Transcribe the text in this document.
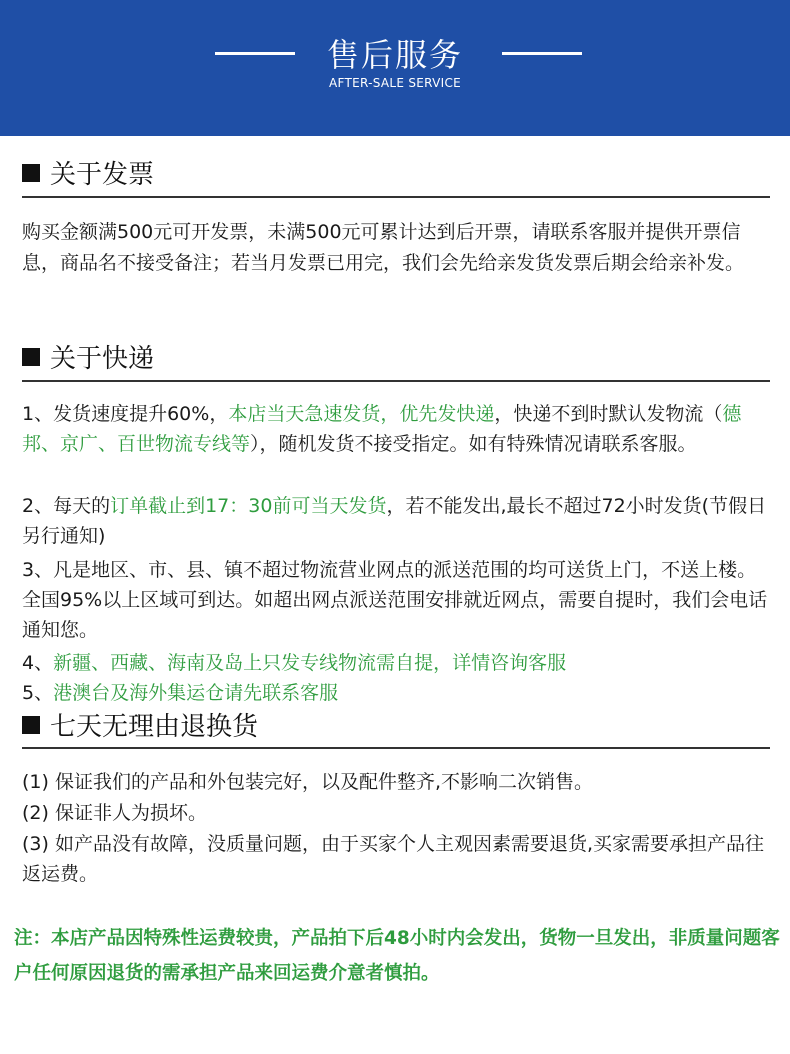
售后服务
AFTER-SALE SERVICE
关于发票
购买金额满500元可开发票，未满500元可累计达到后开票，请联系客服并提供开票信息，商品名不接受备注；若当月发票已用完，我们会先给亲发货发票后期会给亲补发。
关于快递
1、发货速度提升60%，本店当天急速发货，优先发快递，快递不到时默认发物流（德邦、京广、百世物流专线等），随机发货不接受指定。如有特殊情况请联系客服。
2、每天的订单截止到17：30前可当天发货，若不能发出,最长不超过72小时发货(节假日另行通知)
3、凡是地区、市、县、镇不超过物流营业网点的派送范围的均可送货上门，不送上楼。全国95%以上区域可到达。如超出网点派送范围安排就近网点，需要自提时，我们会电话通知您。
4、新疆、西藏、海南及岛上只发专线物流需自提，详情咨询客服
5、港澳台及海外集运仓请先联系客服
七天无理由退换货
(1) 保证我们的产品和外包装完好，以及配件整齐,不影响二次销售。
(2) 保证非人为损坏。
(3) 如产品没有故障，没质量问题，由于买家个人主观因素需要退货,买家需要承担产品往返运费。
注：本店产品因特殊性运费较贵，产品拍下后48小时内会发出，货物一旦发出，非质量问题客户任何原因退货的需承担产品来回运费介意者慎拍。
